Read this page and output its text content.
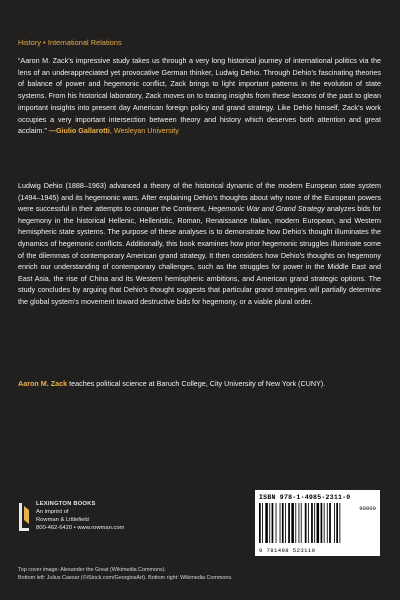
History • International Relations

“Aaron M. Zack’s impressive study takes us through a very long historical journey of international politics via the lens of an underappreciated yet provocative German thinker, Ludwig Dehio. Through Dehio’s fascinating theories of balance of power and hegemonic conflict, Zack brings to light important patterns in the evolution of state systems. From his historical laboratory, Zack moves on to tracing insights from these lessons of the past to glean important insights into present day American foreign policy and grand strategy. Like Dehio himself, Zack’s work occupies a very important intersection between theory and history which deserves both attention and great acclaim.” —Giulio Gallarotti, Wesleyan University

Ludwig Dehio (1888–1963) advanced a theory of the historical dynamic of the modern European state system (1494–1945) and its hegemonic wars. After explaining Dehio’s thoughts about why none of the European powers were successful in their attempts to conquer the Continent, Hegemonic War and Grand Strategy analyzes bids for hegemony in the historical Hellenic, Hellenistic, Roman, Renaissance Italian, modern European, and Western hemispheric state systems. The purpose of these analyses is to demonstrate how Dehio’s thought illuminates the dynamics of hegemonic conflicts. Additionally, this book examines how prior hegemonic struggles illuminate some of the dilemmas of contemporary American grand strategy. It then considers how Dehio’s thoughts on hegemony enrich our understanding of contemporary challenges, such as the struggles for power in the Middle East and East Asia, the rise of China and its Western hemispheric ambitions, and American grand strategic options. The study concludes by arguing that Dehio’s thought suggests that particular grand strategies will partially determine the global system’s movement toward destructive bids for hegemony, or a viable plural order.

Aaron M. Zack teaches political science at Baruch College, City University of New York (CUNY).

LEXINGTON BOOKS
An imprint of
Rowman & Littlefield
800-462-6420 • www.rowman.com
Top cover image: Alexander the Great (Wikimedia Commons).
Bottom left: Julius Caesar (©iStock.com/GeorgiosArt). Bottom right: Wikimedia Commons.
ISBN 978-1-4985-2311-0
90000
9 781498 523110
